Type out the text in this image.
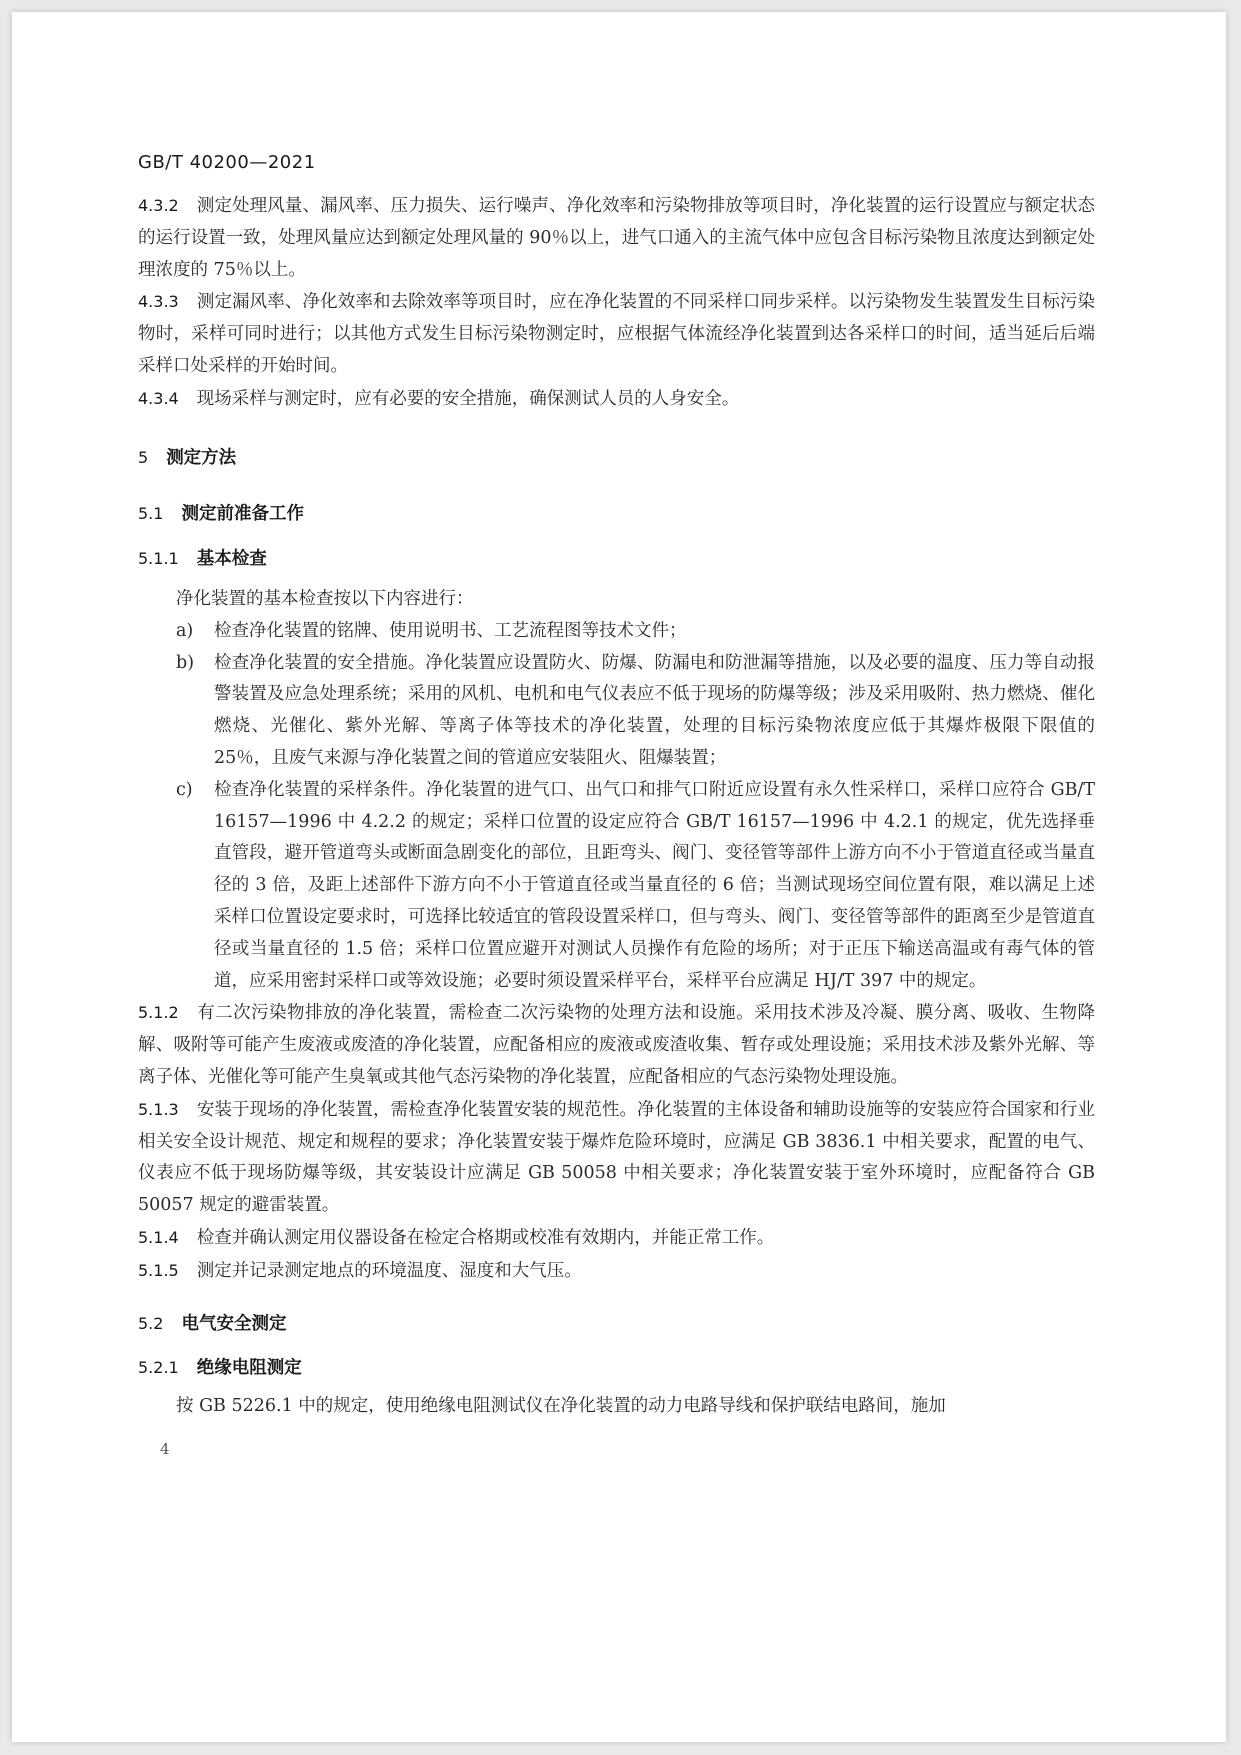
GB/T 40200—2021

4.3.2 测定处理风量、漏风率、压力损失、运行噪声、净化效率和污染物排放等项目时，净化装置的运行设置应与额定状态的运行设置一致，处理风量应达到额定处理风量的 90％以上，进气口通入的主流气体中应包含目标污染物且浓度达到额定处理浓度的 75％以上。

4.3.3 测定漏风率、净化效率和去除效率等项目时，应在净化装置的不同采样口同步采样。以污染物发生装置发生目标污染物时，采样可同时进行；以其他方式发生目标污染物测定时，应根据气体流经净化装置到达各采样口的时间，适当延后后端采样口处采样的开始时间。

4.3.4 现场采样与测定时，应有必要的安全措施，确保测试人员的人身安全。

5 测定方法
5.1 测定前准备工作
5.1.1 基本检查

净化装置的基本检查按以下内容进行：

a) 检查净化装置的铭牌、使用说明书、工艺流程图等技术文件；

b) 检查净化装置的安全措施。净化装置应设置防火、防爆、防漏电和防泄漏等措施，以及必要的温度、压力等自动报警装置及应急处理系统；采用的风机、电机和电气仪表应不低于现场的防爆等级；涉及采用吸附、热力燃烧、催化燃烧、光催化、紫外光解、等离子体等技术的净化装置，处理的目标污染物浓度应低于其爆炸极限下限值的 25％，且废气来源与净化装置之间的管道应安装阻火、阻爆装置；

c) 检查净化装置的采样条件。净化装置的进气口、出气口和排气口附近应设置有永久性采样口，采样口应符合 GB/T 16157—1996 中 4.2.2 的规定；采样口位置的设定应符合 GB/T 16157—1996 中 4.2.1 的规定，优先选择垂直管段，避开管道弯头或断面急剧变化的部位，且距弯头、阀门、变径管等部件上游方向不小于管道直径或当量直径的 3 倍，及距上述部件下游方向不小于管道直径或当量直径的 6 倍；当测试现场空间位置有限，难以满足上述采样口位置设定要求时，可选择比较适宜的管段设置采样口，但与弯头、阀门、变径管等部件的距离至少是管道直径或当量直径的 1.5 倍；采样口位置应避开对测试人员操作有危险的场所；对于正压下输送高温或有毒气体的管道，应采用密封采样口或等效设施；必要时须设置采样平台，采样平台应满足 HJ/T 397 中的规定。

5.1.2 有二次污染物排放的净化装置，需检查二次污染物的处理方法和设施。采用技术涉及冷凝、膜分离、吸收、生物降解、吸附等可能产生废液或废渣的净化装置，应配备相应的废液或废渣收集、暂存或处理设施；采用技术涉及紫外光解、等离子体、光催化等可能产生臭氧或其他气态污染物的净化装置，应配备相应的气态污染物处理设施。

5.1.3 安装于现场的净化装置，需检查净化装置安装的规范性。净化装置的主体设备和辅助设施等的安装应符合国家和行业相关安全设计规范、规定和规程的要求；净化装置安装于爆炸危险环境时，应满足 GB 3836.1 中相关要求，配置的电气、仪表应不低于现场防爆等级，其安装设计应满足 GB 50058 中相关要求；净化装置安装于室外环境时，应配备符合 GB 50057 规定的避雷装置。

5.1.4 检查并确认测定用仪器设备在检定合格期或校准有效期内，并能正常工作。

5.1.5 测定并记录测定地点的环境温度、湿度和大气压。

5.2 电气安全测定
5.2.1 绝缘电阻测定

按 GB 5226.1 中的规定，使用绝缘电阻测试仪在净化装置的动力电路导线和保护联结电路间，施加

4
